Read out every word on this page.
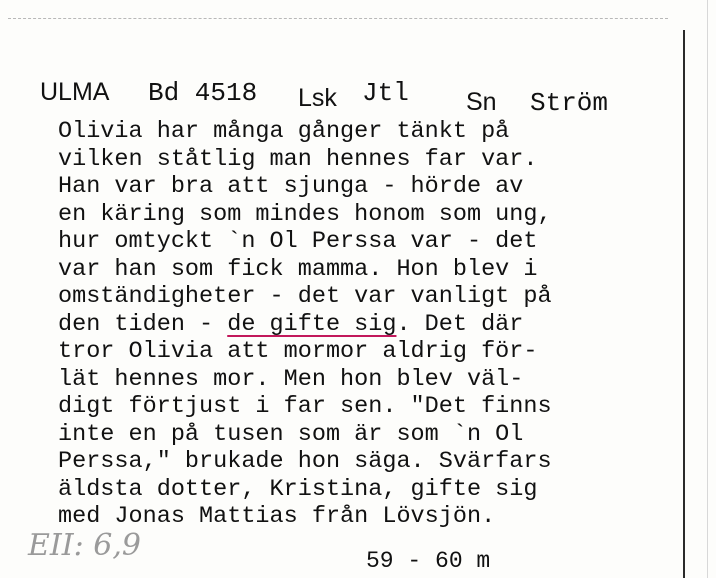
ULMA Bd 4518 Lsk Jtl Sn Ström
Olivia har många gånger tänkt på
vilken ståtlig man hennes far var.
Han var bra att sjunga - hörde av
en käring som mindes honom som ung,
hur omtyckt `n Ol Perssa var - det
var han som fick mamma. Hon blev i
omständigheter - det var vanligt på
den tiden - de gifte sig. Det där
tror Olivia att mormor aldrig för-
lät hennes mor. Men hon blev väl-
digt förtjust i far sen. "Det finns
inte en på tusen som är som `n Ol
Perssa," brukade hon säga. Svärfars
äldsta dotter, Kristina, gifte sig
med Jonas Mattias från Lövsjön.
EII: 6,9	59 - 60 m
